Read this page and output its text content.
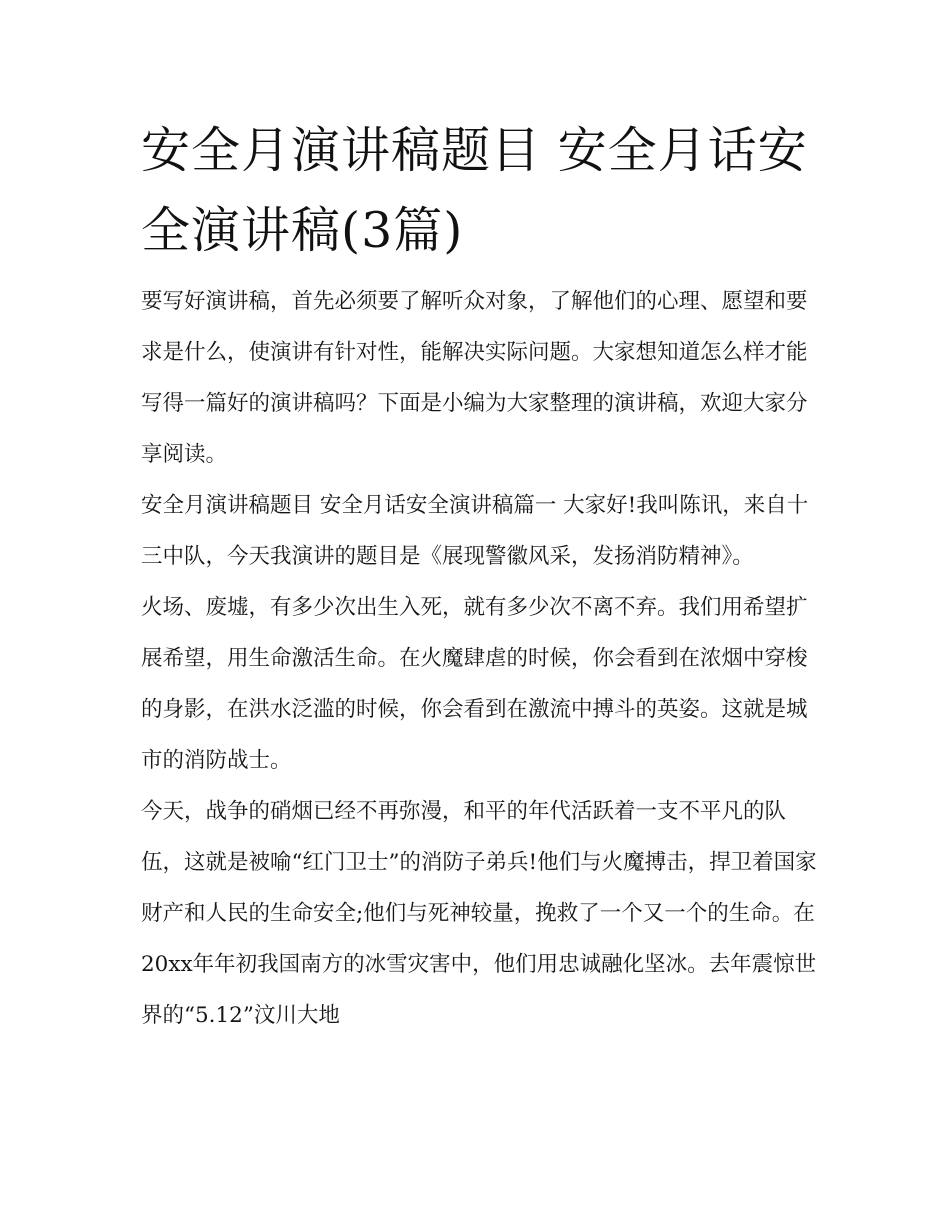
安全月演讲稿题目 安全月话安全演讲稿(3篇)

要写好演讲稿，首先必须要了解听众对象，了解他们的心理、愿望和要求是什么，使演讲有针对性，能解决实际问题。大家想知道怎么样才能写得一篇好的演讲稿吗？下面是小编为大家整理的演讲稿，欢迎大家分享阅读。

安全月演讲稿题目 安全月话安全演讲稿篇一 大家好!我叫陈讯，来自十三中队，今天我演讲的题目是《展现警徽风采，发扬消防精神》。

火场、废墟，有多少次出生入死，就有多少次不离不弃。我们用希望扩展希望，用生命激活生命。在火魔肆虐的时候，你会看到在浓烟中穿梭的身影，在洪水泛滥的时候，你会看到在激流中搏斗的英姿。这就是城市的消防战士。

今天，战争的硝烟已经不再弥漫，和平的年代活跃着一支不平凡的队伍，这就是被喻“红门卫士”的消防子弟兵!他们与火魔搏击，捍卫着国家财产和人民的生命安全;他们与死神较量，挽救了一个又一个的生命。在20xx年年初我国南方的冰雪灾害中，他们用忠诚融化坚冰。去年震惊世界的“5.12”汶川大地
